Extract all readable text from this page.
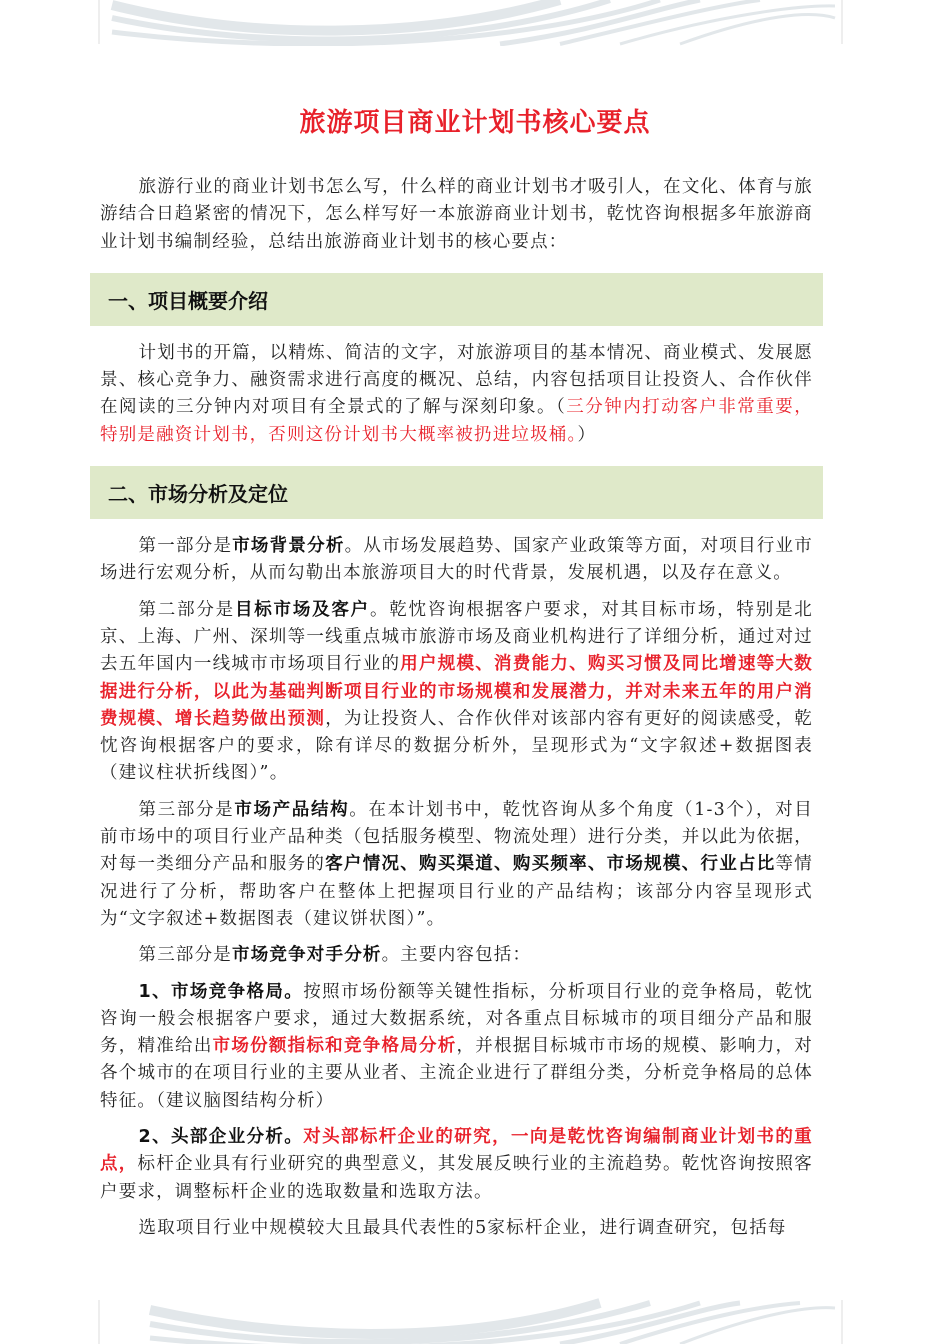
旅游项目商业计划书核心要点

旅游行业的商业计划书怎么写，什么样的商业计划书才吸引人，在文化、体育与旅游结合日趋紧密的情况下，怎么样写好一本旅游商业计划书，乾忱咨询根据多年旅游商业计划书编制经验，总结出旅游商业计划书的核心要点：

一、项目概要介绍

计划书的开篇，以精炼、简洁的文字，对旅游项目的基本情况、商业模式、发展愿景、核心竞争力、融资需求进行高度的概况、总结，内容包括项目让投资人、合作伙伴在阅读的三分钟内对项目有全景式的了解与深刻印象。（三分钟内打动客户非常重要，特别是融资计划书，否则这份计划书大概率被扔进垃圾桶。）

二、市场分析及定位

第一部分是市场背景分析。从市场发展趋势、国家产业政策等方面，对项目行业市场进行宏观分析，从而勾勒出本旅游项目大的时代背景，发展机遇，以及存在意义。

第二部分是目标市场及客户。乾忱咨询根据客户要求，对其目标市场，特别是北京、上海、广州、深圳等一线重点城市旅游市场及商业机构进行了详细分析，通过对过去五年国内一线城市市场项目行业的用户规模、消费能力、购买习惯及同比增速等大数据进行分析，以此为基础判断项目行业的市场规模和发展潜力，并对未来五年的用户消费规模、增长趋势做出预测，为让投资人、合作伙伴对该部内容有更好的阅读感受，乾忱咨询根据客户的要求，除有详尽的数据分析外，呈现形式为“文字叙述+数据图表（建议柱状折线图）”。

第三部分是市场产品结构。在本计划书中，乾忱咨询从多个角度（1-3个），对目前市场中的项目行业产品种类（包括服务模型、物流处理）进行分类，并以此为依据，对每一类细分产品和服务的客户情况、购买渠道、购买频率、市场规模、行业占比等情况进行了分析，帮助客户在整体上把握项目行业的产品结构；该部分内容呈现形式为“文字叙述+数据图表（建议饼状图）”。

第三部分是市场竞争对手分析。主要内容包括：

1、市场竞争格局。按照市场份额等关键性指标，分析项目行业的竞争格局，乾忱咨询一般会根据客户要求，通过大数据系统，对各重点目标城市的项目细分产品和服务，精准给出市场份额指标和竞争格局分析，并根据目标城市市场的规模、影响力，对各个城市的在项目行业的主要从业者、主流企业进行了群组分类，分析竞争格局的总体特征。（建议脑图结构分析）

2、头部企业分析。对头部标杆企业的研究，一向是乾忱咨询编制商业计划书的重点，标杆企业具有行业研究的典型意义，其发展反映行业的主流趋势。乾忱咨询按照客户要求，调整标杆企业的选取数量和选取方法。

选取项目行业中规模较大且最具代表性的5家标杆企业，进行调查研究，包括每
